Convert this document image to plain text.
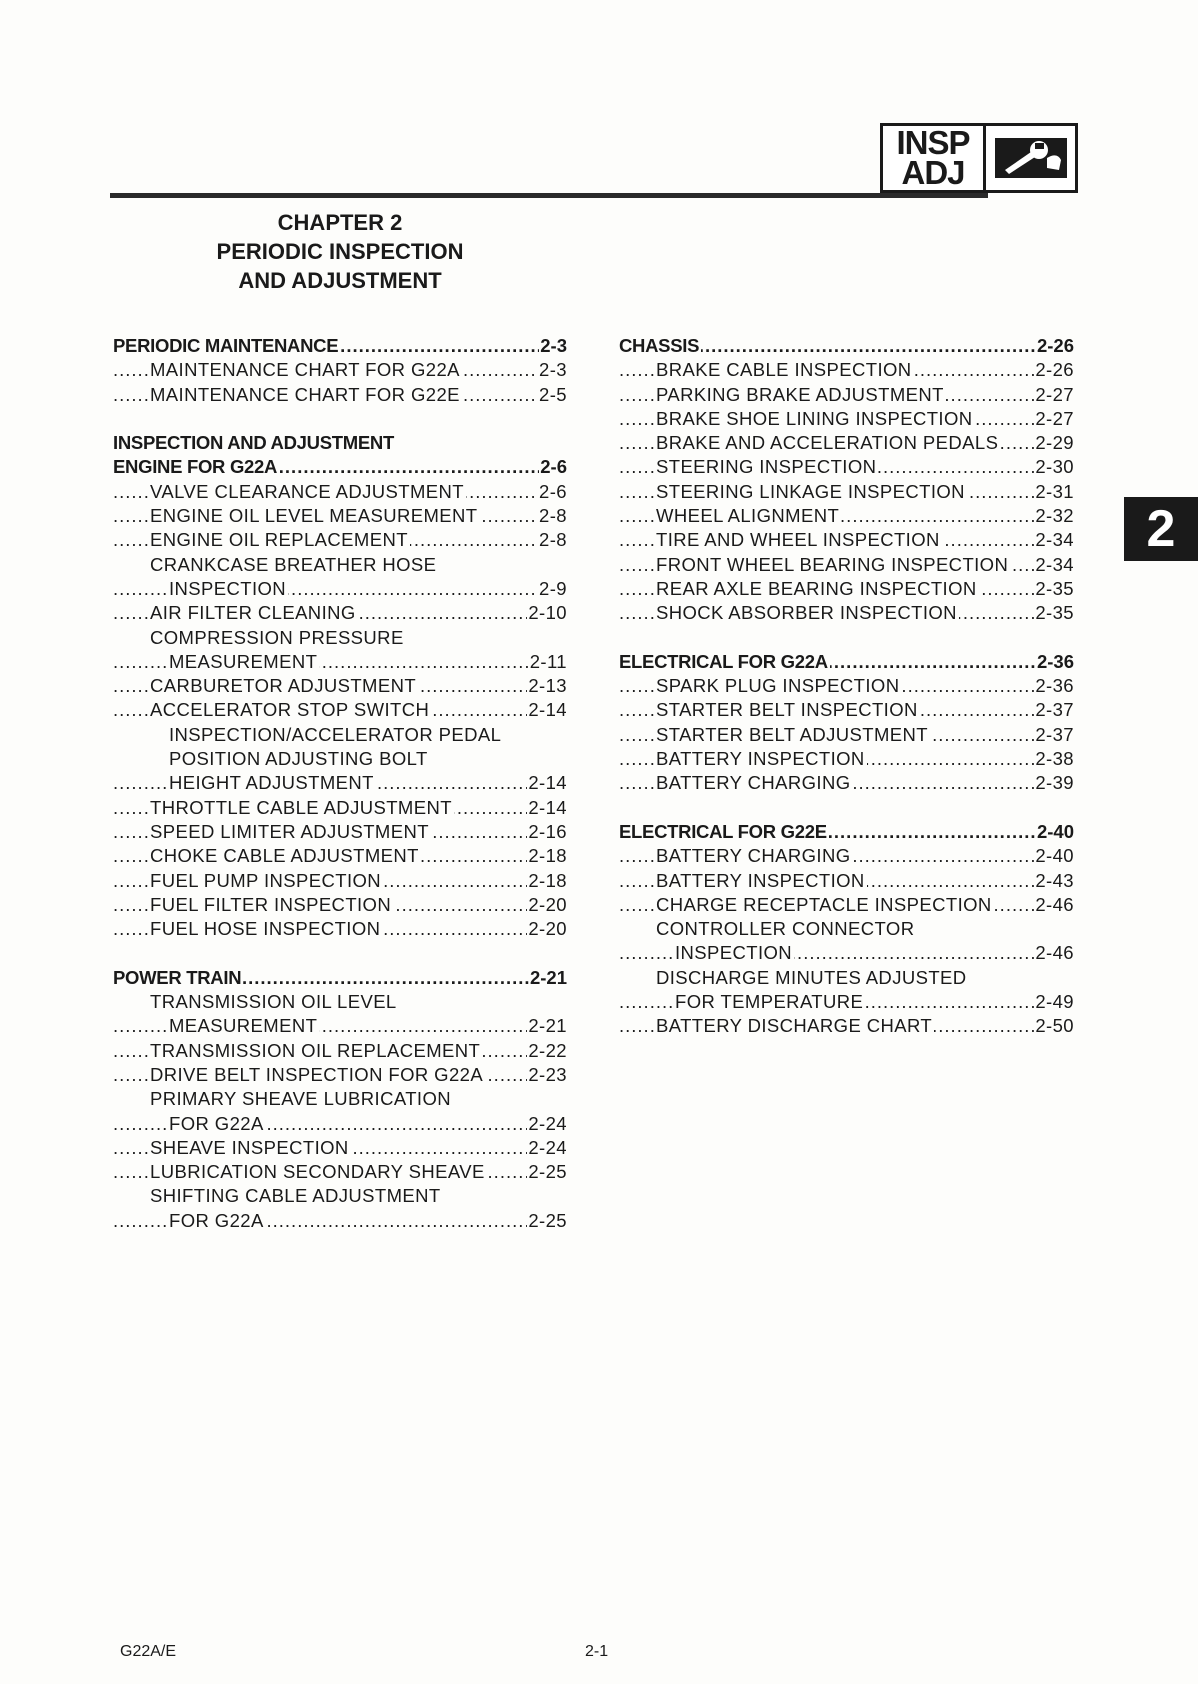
INSP
ADJ
CHAPTER 2
PERIODIC INSPECTION
AND ADJUSTMENT
2
..... PERIODIC MAINTENANCE	2-3
..... MAINTENANCE CHART FOR G22A	2-3
..... MAINTENANCE CHART FOR G22E	2-5
INSPECTION AND ADJUSTMENT
..... ENGINE FOR G22A	2-6
..... VALVE CLEARANCE ADJUSTMENT	2-6
..... ENGINE OIL LEVEL MEASUREMENT	2-8
..... ENGINE OIL REPLACEMENT	2-8
CRANKCASE BREATHER HOSE
..... INSPECTION	2-9
..... AIR FILTER CLEANING	2-10
COMPRESSION PRESSURE
..... MEASUREMENT	2-11
..... CARBURETOR ADJUSTMENT	2-13
..... ACCELERATOR STOP SWITCH	2-14
INSPECTION/ACCELERATOR PEDAL
POSITION ADJUSTING BOLT
..... HEIGHT ADJUSTMENT	2-14
..... THROTTLE CABLE ADJUSTMENT	2-14
..... SPEED LIMITER ADJUSTMENT	2-16
..... CHOKE CABLE ADJUSTMENT	2-18
..... FUEL PUMP INSPECTION	2-18
..... FUEL FILTER INSPECTION	2-20
..... FUEL HOSE INSPECTION	2-20
..... POWER TRAIN	2-21
TRANSMISSION OIL LEVEL
..... MEASUREMENT	2-21
..... TRANSMISSION OIL REPLACEMENT	2-22
..... DRIVE BELT INSPECTION FOR G22A 2-23
PRIMARY SHEAVE LUBRICATION
..... FOR G22A	2-24
..... SHEAVE INSPECTION	2-24
..... LUBRICATION SECONDARY SHEAVE 2-25
SHIFTING CABLE ADJUSTMENT
..... FOR G22A	2-25
..... CHASSIS	2-26
..... BRAKE CABLE INSPECTION	2-26
..... PARKING BRAKE ADJUSTMENT	2-27
..... BRAKE SHOE LINING INSPECTION	2-27
..... BRAKE AND ACCELERATION PEDALS 2-29
..... STEERING INSPECTION	2-30
..... STEERING LINKAGE INSPECTION	2-31
..... WHEEL ALIGNMENT	2-32
..... TIRE AND WHEEL INSPECTION	2-34
..... FRONT WHEEL BEARING INSPECTION 2-34
..... REAR AXLE BEARING INSPECTION	2-35
..... SHOCK ABSORBER INSPECTION	2-35
..... ELECTRICAL FOR G22A	2-36
..... SPARK PLUG INSPECTION	2-36
..... STARTER BELT INSPECTION	2-37
..... STARTER BELT ADJUSTMENT	2-37
..... BATTERY INSPECTION	2-38
..... BATTERY CHARGING	2-39
..... ELECTRICAL FOR G22E	2-40
..... BATTERY CHARGING	2-40
..... BATTERY INSPECTION	2-43
..... CHARGE RECEPTACLE INSPECTION 2-46
CONTROLLER CONNECTOR
..... INSPECTION	2-46
DISCHARGE MINUTES ADJUSTED
..... FOR TEMPERATURE	2-49
..... BATTERY DISCHARGE CHART	2-50
G22A/E	2-1
